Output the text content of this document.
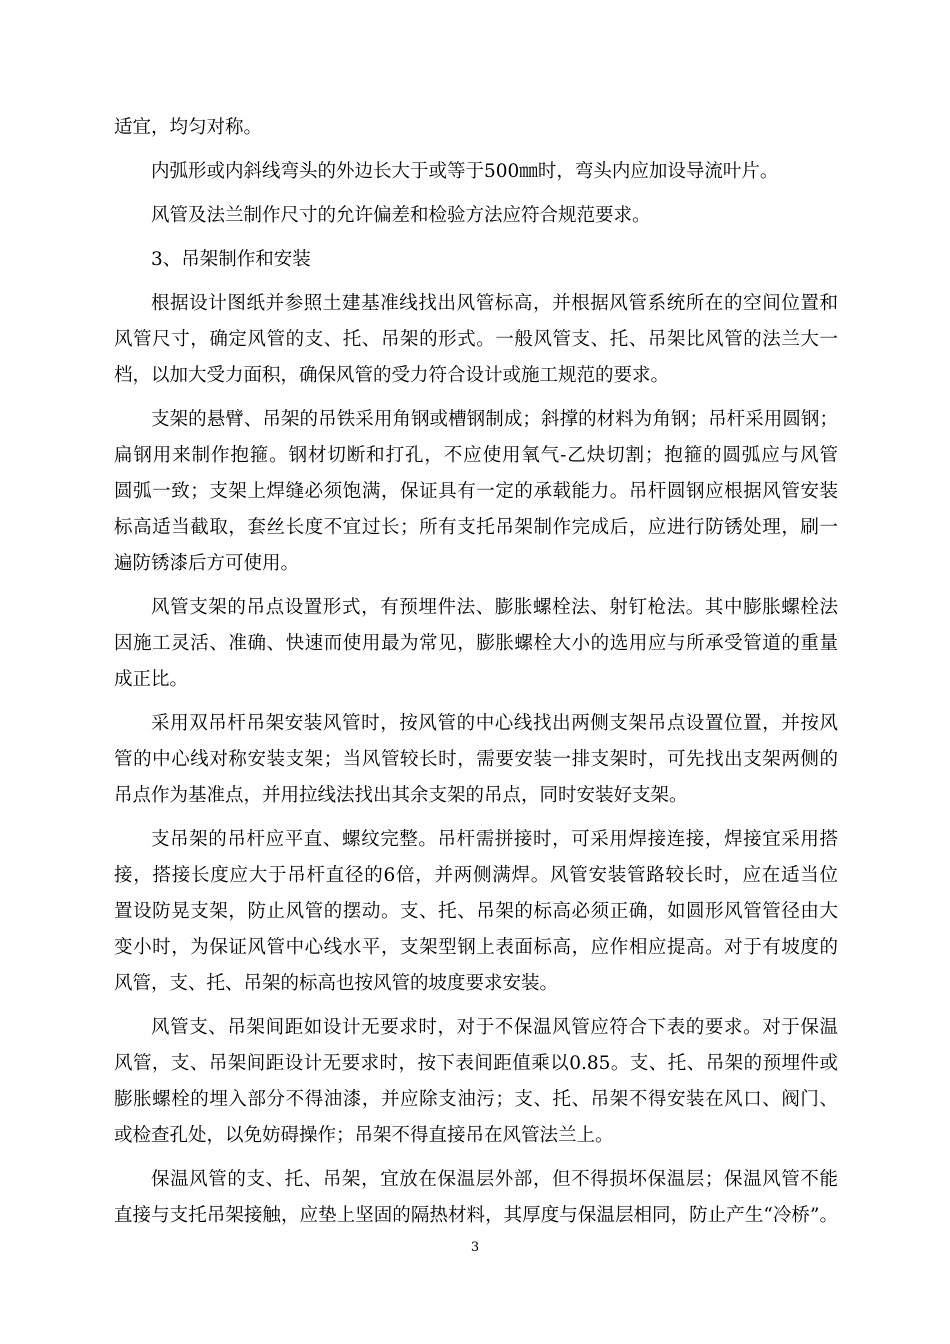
适宜，均匀对称。
内弧形或内斜线弯头的外边长大于或等于500㎜时，弯头内应加设导流叶片。
风管及法兰制作尺寸的允许偏差和检验方法应符合规范要求。
3、吊架制作和安装
根据设计图纸并参照土建基准线找出风管标高，并根据风管系统所在的空间位置和
风管尺寸，确定风管的支、托、吊架的形式。一般风管支、托、吊架比风管的法兰大一
档，以加大受力面积，确保风管的受力符合设计或施工规范的要求。
支架的悬臂、吊架的吊铁采用角钢或槽钢制成；斜撑的材料为角钢；吊杆采用圆钢；
扁钢用来制作抱箍。钢材切断和打孔，不应使用氧气-乙炔切割；抱箍的圆弧应与风管
圆弧一致；支架上焊缝必须饱满，保证具有一定的承载能力。吊杆圆钢应根据风管安装
标高适当截取，套丝长度不宜过长；所有支托吊架制作完成后，应进行防锈处理，刷一
遍防锈漆后方可使用。
风管支架的吊点设置形式，有预埋件法、膨胀螺栓法、射钉枪法。其中膨胀螺栓法
因施工灵活、准确、快速而使用最为常见，膨胀螺栓大小的选用应与所承受管道的重量
成正比。
采用双吊杆吊架安装风管时，按风管的中心线找出两侧支架吊点设置位置，并按风
管的中心线对称安装支架；当风管较长时，需要安装一排支架时，可先找出支架两侧的
吊点作为基准点，并用拉线法找出其余支架的吊点，同时安装好支架。
支吊架的吊杆应平直、螺纹完整。吊杆需拼接时，可采用焊接连接，焊接宜采用搭
接，搭接长度应大于吊杆直径的6倍，并两侧满焊。风管安装管路较长时，应在适当位
置设防晃支架，防止风管的摆动。支、托、吊架的标高必须正确，如圆形风管管径由大
变小时，为保证风管中心线水平，支架型钢上表面标高，应作相应提高。对于有坡度的
风管，支、托、吊架的标高也按风管的坡度要求安装。
风管支、吊架间距如设计无要求时，对于不保温风管应符合下表的要求。对于保温
风管，支、吊架间距设计无要求时，按下表间距值乘以0.85。支、托、吊架的预埋件或
膨胀螺栓的埋入部分不得油漆，并应除支油污；支、托、吊架不得安装在风口、阀门、
或检查孔处，以免妨碍操作；吊架不得直接吊在风管法兰上。
保温风管的支、托、吊架，宜放在保温层外部，但不得损坏保温层；保温风管不能
直接与支托吊架接触，应垫上坚固的隔热材料，其厚度与保温层相同，防止产生“冷桥”。
3
